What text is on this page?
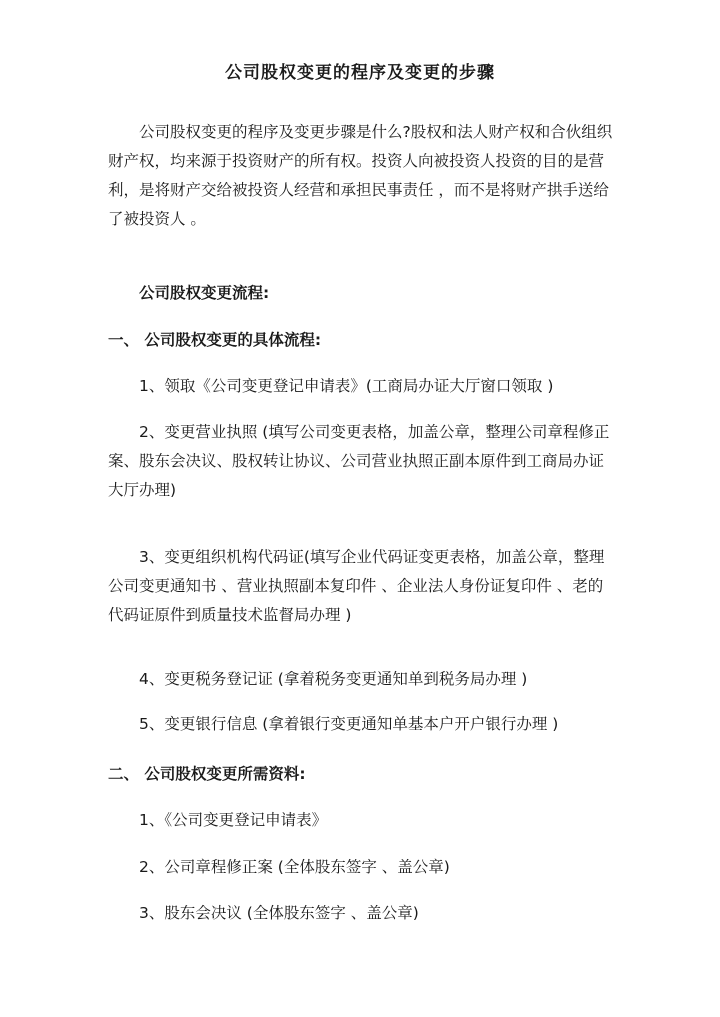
公司股权变更的程序及变更的步骤
公司股权变更的程序及变更步骤是什么?股权和法人财产权和合伙组织财产权，均来源于投资财产的所有权。投资人向被投资人投资的目的是营利，是将财产交给被投资人经营和承担民事责任 ，而不是将财产拱手送给了被投资人 。
公司股权变更流程:
一、 公司股权变更的具体流程:
1、领取《公司变更登记申请表》(工商局办证大厅窗口领取 )
2、变更营业执照 (填写公司变更表格，加盖公章，整理公司章程修正案、股东会决议、股权转让协议、公司营业执照正副本原件到工商局办证大厅办理)
3、变更组织机构代码证(填写企业代码证变更表格，加盖公章，整理公司变更通知书 、营业执照副本复印件 、企业法人身份证复印件 、老的代码证原件到质量技术监督局办理 )
4、变更税务登记证 (拿着税务变更通知单到税务局办理 )
5、变更银行信息 (拿着银行变更通知单基本户开户银行办理 )
二、 公司股权变更所需资料:
1、《公司变更登记申请表》
2、公司章程修正案 (全体股东签字 、盖公章)
3、股东会决议 (全体股东签字 、盖公章)
